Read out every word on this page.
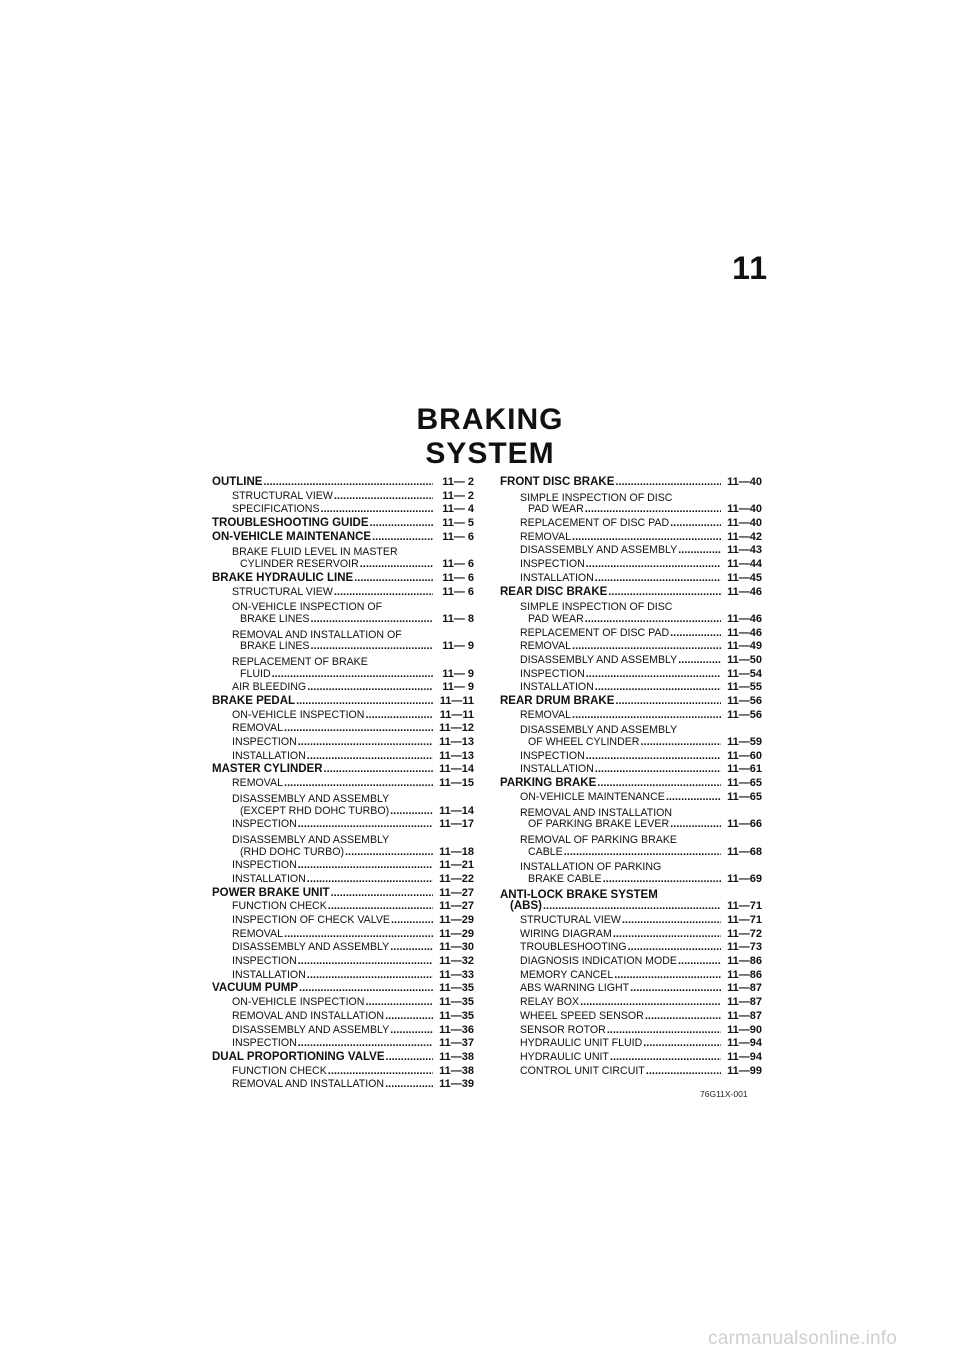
11
BRAKING SYSTEM
OUTLINE .....	11— 2
STRUCTURAL VIEW .....	11— 2
SPECIFICATIONS .....	11— 4
TROUBLESHOOTING GUIDE .....	11— 5
ON-VEHICLE MAINTENANCE .....	11— 6
BRAKE FLUID LEVEL IN MASTER
CYLINDER RESERVOIR .....	11— 6
BRAKE HYDRAULIC LINE .....	11— 6
STRUCTURAL VIEW .....	11— 6
ON-VEHICLE INSPECTION OF
BRAKE LINES .....	11— 8
REMOVAL AND INSTALLATION OF
BRAKE LINES .....	11— 9
REPLACEMENT OF BRAKE
FLUID .....	11— 9
AIR BLEEDING .....	11— 9
BRAKE PEDAL .....	11—11
ON-VEHICLE INSPECTION .....	11—11
REMOVAL .....	11—12
INSPECTION .....	11—13
INSTALLATION .....	11—13
MASTER CYLINDER .....	11—14
REMOVAL .....	11—15
DISASSEMBLY AND ASSEMBLY
(EXCEPT RHD DOHC TURBO) .....	11—14
INSPECTION .....	11—17
DISASSEMBLY AND ASSEMBLY
(RHD DOHC TURBO) .....	11—18
INSPECTION .....	11—21
INSTALLATION .....	11—22
POWER BRAKE UNIT .....	11—27
FUNCTION CHECK .....	11—27
INSPECTION OF CHECK VALVE .....	11—29
REMOVAL .....	11—29
DISASSEMBLY AND ASSEMBLY .....	11—30
INSPECTION .....	11—32
INSTALLATION .....	11—33
VACUUM PUMP .....	11—35
ON-VEHICLE INSPECTION .....	11—35
REMOVAL AND INSTALLATION .....	11—35
DISASSEMBLY AND ASSEMBLY .....	11—36
INSPECTION .....	11—37
DUAL PROPORTIONING VALVE .....	11—38
FUNCTION CHECK .....	11—38
REMOVAL AND INSTALLATION .....	11—39
FRONT DISC BRAKE .....	11—40
SIMPLE INSPECTION OF DISC
PAD WEAR .....	11—40
REPLACEMENT OF DISC PAD .....	11—40
REMOVAL .....	11—42
DISASSEMBLY AND ASSEMBLY .....	11—43
INSPECTION .....	11—44
INSTALLATION .....	11—45
REAR DISC BRAKE .....	11—46
SIMPLE INSPECTION OF DISC
PAD WEAR .....	11—46
REPLACEMENT OF DISC PAD .....	11—46
REMOVAL .....	11—49
DISASSEMBLY AND ASSEMBLY .....	11—50
INSPECTION .....	11—54
INSTALLATION .....	11—55
REAR DRUM BRAKE .....	11—56
REMOVAL .....	11—56
DISASSEMBLY AND ASSEMBLY
OF WHEEL CYLINDER .....	11—59
INSPECTION .....	11—60
INSTALLATION .....	11—61
PARKING BRAKE .....	11—65
ON-VEHICLE MAINTENANCE .....	11—65
REMOVAL AND INSTALLATION
OF PARKING BRAKE LEVER .....	11—66
REMOVAL OF PARKING BRAKE
CABLE .....	11—68
INSTALLATION OF PARKING
BRAKE CABLE .....	11—69
ANTI-LOCK BRAKE SYSTEM
(ABS) .....	11—71
STRUCTURAL VIEW .....	11—71
WIRING DIAGRAM .....	11—72
TROUBLESHOOTING .....	11—73
DIAGNOSIS INDICATION MODE .....	11—86
MEMORY CANCEL .....	11—86
ABS WARNING LIGHT .....	11—87
RELAY BOX .....	11—87
WHEEL SPEED SENSOR .....	11—87
SENSOR ROTOR .....	11—90
HYDRAULIC UNIT FLUID .....	11—94
HYDRAULIC UNIT .....	11—94
CONTROL UNIT CIRCUIT .....	11—99
76G11X-001
carmanualsonline.info
